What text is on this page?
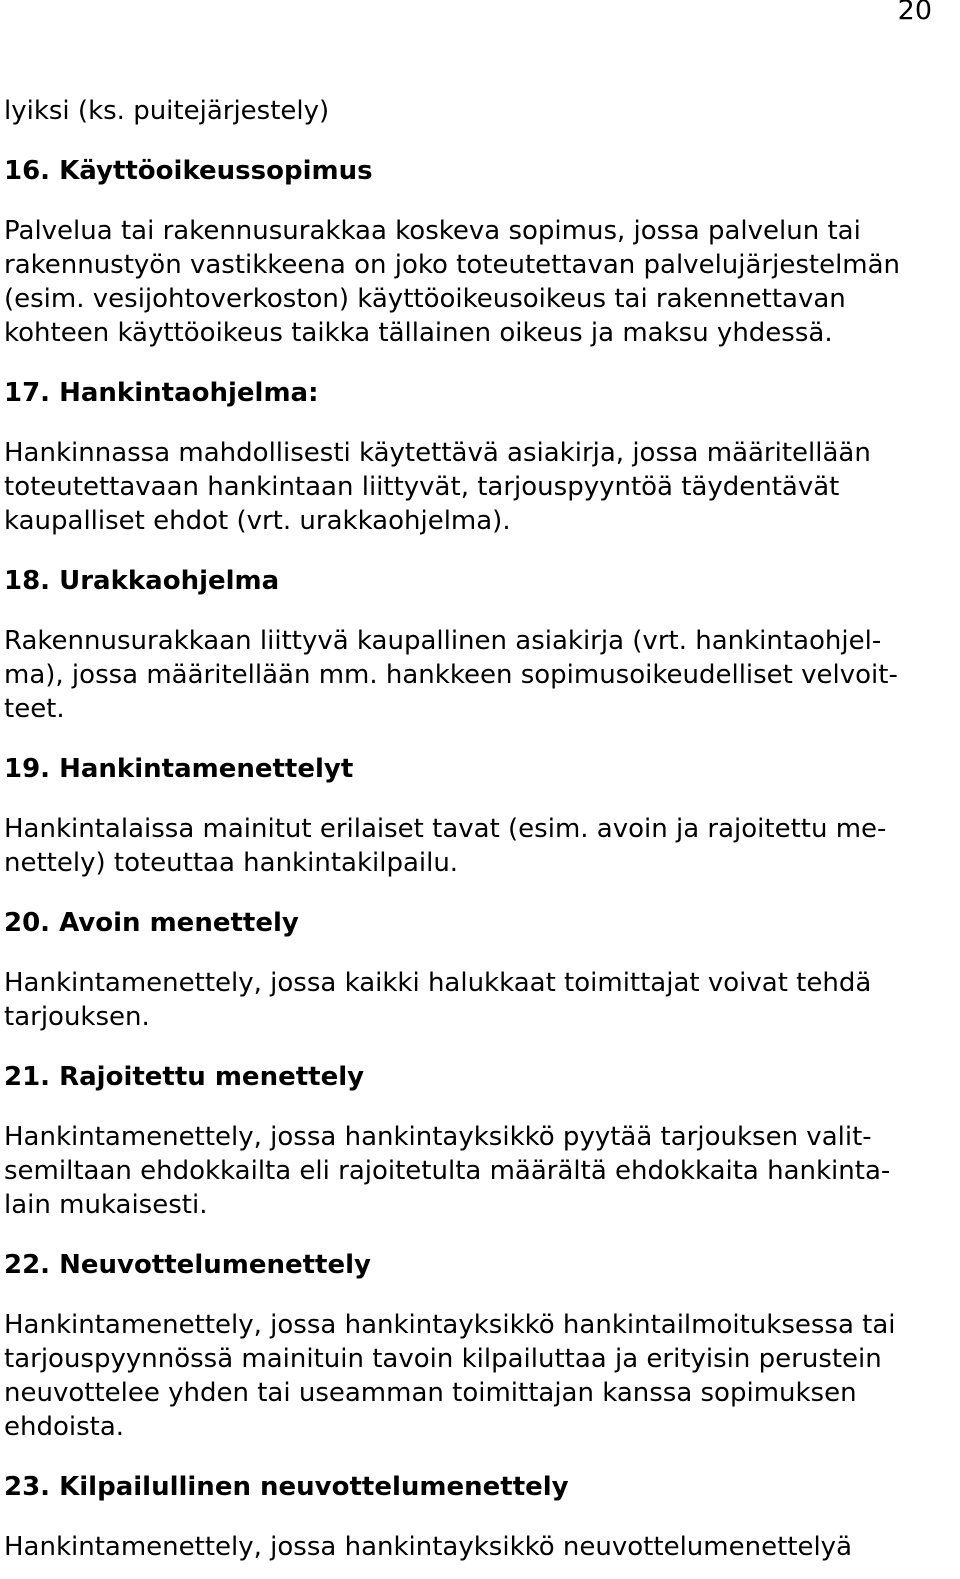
20

lyiksi (ks. puitejärjestely)

16. Käyttöoikeussopimus

Palvelua tai rakennusurakkaa koskeva sopimus, jossa palvelun tai

rakennustyön vastikkeena on joko toteutettavan palvelujärjestelmän

(esim. vesijohtoverkoston) käyttöoikeusoikeus tai rakennettavan

kohteen käyttöoikeus taikka tällainen oikeus ja maksu yhdessä.

17. Hankintaohjelma:

Hankinnassa mahdollisesti käytettävä asiakirja, jossa määritellään

toteutettavaan hankintaan liittyvät, tarjouspyyntöä täydentävät

kaupalliset ehdot (vrt. urakkaohjelma).

18. Urakkaohjelma

Rakennusurakkaan liittyvä kaupallinen asiakirja (vrt. hankintaohjel-

ma), jossa määritellään mm. hankkeen sopimusoikeudelliset velvoit-

teet.

19. Hankintamenettelyt

Hankintalaissa mainitut erilaiset tavat (esim. avoin ja rajoitettu me-

nettely) toteuttaa hankintakilpailu.

20. Avoin menettely

Hankintamenettely, jossa kaikki halukkaat toimittajat voivat tehdä

tarjouksen.

21. Rajoitettu menettely

Hankintamenettely, jossa hankintayksikkö pyytää tarjouksen valit-

semiltaan ehdokkailta eli rajoitetulta määrältä ehdokkaita hankinta-

lain mukaisesti.

22. Neuvottelumenettely

Hankintamenettely, jossa hankintayksikkö hankintailmoituksessa tai

tarjouspyynnössä mainituin tavoin kilpailuttaa ja erityisin perustein

neuvottelee yhden tai useamman toimittajan kanssa sopimuksen

ehdoista.

23. Kilpailullinen neuvottelumenettely

Hankintamenettely, jossa hankintayksikkö neuvottelumenettelyä
